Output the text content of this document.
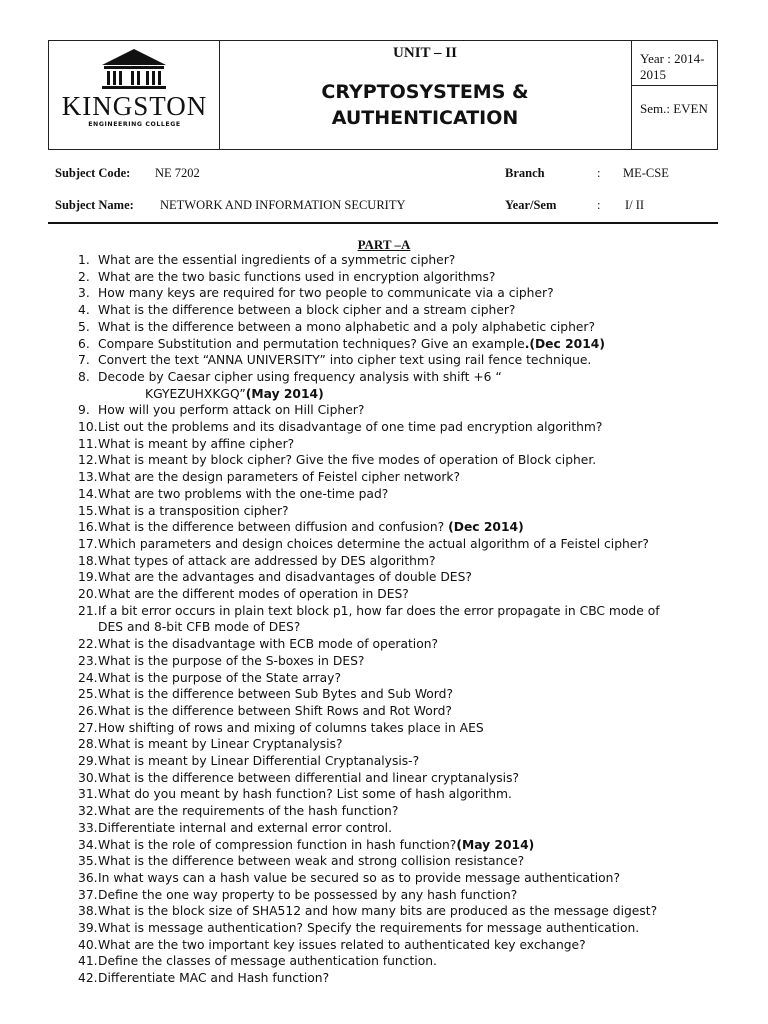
KINGSTON
ENGINEERING COLLEGE
UNIT – II
CRYPTOSYSTEMS &
AUTHENTICATION
Year : 2014-2015
Sem.: EVEN
Subject Code: NE 7202	Branch	: ME-CSE
Subject Name: NETWORK AND INFORMATION SECURITY	Year/Sem	: I/ II
PART –A
1. What are the essential ingredients of a symmetric cipher?
2. What are the two basic functions used in encryption algorithms?
3. How many keys are required for two people to communicate via a cipher?
4. What is the difference between a block cipher and a stream cipher?
5. What is the difference between a mono alphabetic and a poly alphabetic cipher?
6. Compare Substitution and permutation techniques? Give an example.(Dec 2014)
7. Convert the text “ANNA UNIVERSITY” into cipher text using rail fence technique.
8. Decode by Caesar cipher using frequency analysis with shift +6 “
KGYEZUHXKGQ”(May 2014)
9. How will you perform attack on Hill Cipher?
10. List out the problems and its disadvantage of one time pad encryption algorithm?
11. What is meant by affine cipher?
12. What is meant by block cipher? Give the five modes of operation of Block cipher.
13. What are the design parameters of Feistel cipher network?
14. What are two problems with the one-time pad?
15. What is a transposition cipher?
16. What is the difference between diffusion and confusion? (Dec 2014)
17. Which parameters and design choices determine the actual algorithm of a Feistel cipher?
18. What types of attack are addressed by DES algorithm?
19. What are the advantages and disadvantages of double DES?
20. What are the different modes of operation in DES?
21. If a bit error occurs in plain text block p1, how far does the error propagate in CBC mode of
DES and 8-bit CFB mode of DES?
22. What is the disadvantage with ECB mode of operation?
23. What is the purpose of the S-boxes in DES?
24. What is the purpose of the State array?
25. What is the difference between Sub Bytes and Sub Word?
26. What is the difference between Shift Rows and Rot Word?
27. How shifting of rows and mixing of columns takes place in AES
28. What is meant by Linear Cryptanalysis?
29. What is meant by Linear Differential Cryptanalysis-?
30. What is the difference between differential and linear cryptanalysis?
31. What do you meant by hash function? List some of hash algorithm.
32. What are the requirements of the hash function?
33. Differentiate internal and external error control.
34. What is the role of compression function in hash function?(May 2014)
35. What is the difference between weak and strong collision resistance?
36. In what ways can a hash value be secured so as to provide message authentication?
37. Define the one way property to be possessed by any hash function?
38. What is the block size of SHA512 and how many bits are produced as the message digest?
39. What is message authentication? Specify the requirements for message authentication.
40. What are the two important key issues related to authenticated key exchange?
41. Define the classes of message authentication function.
42. Differentiate MAC and Hash function?
